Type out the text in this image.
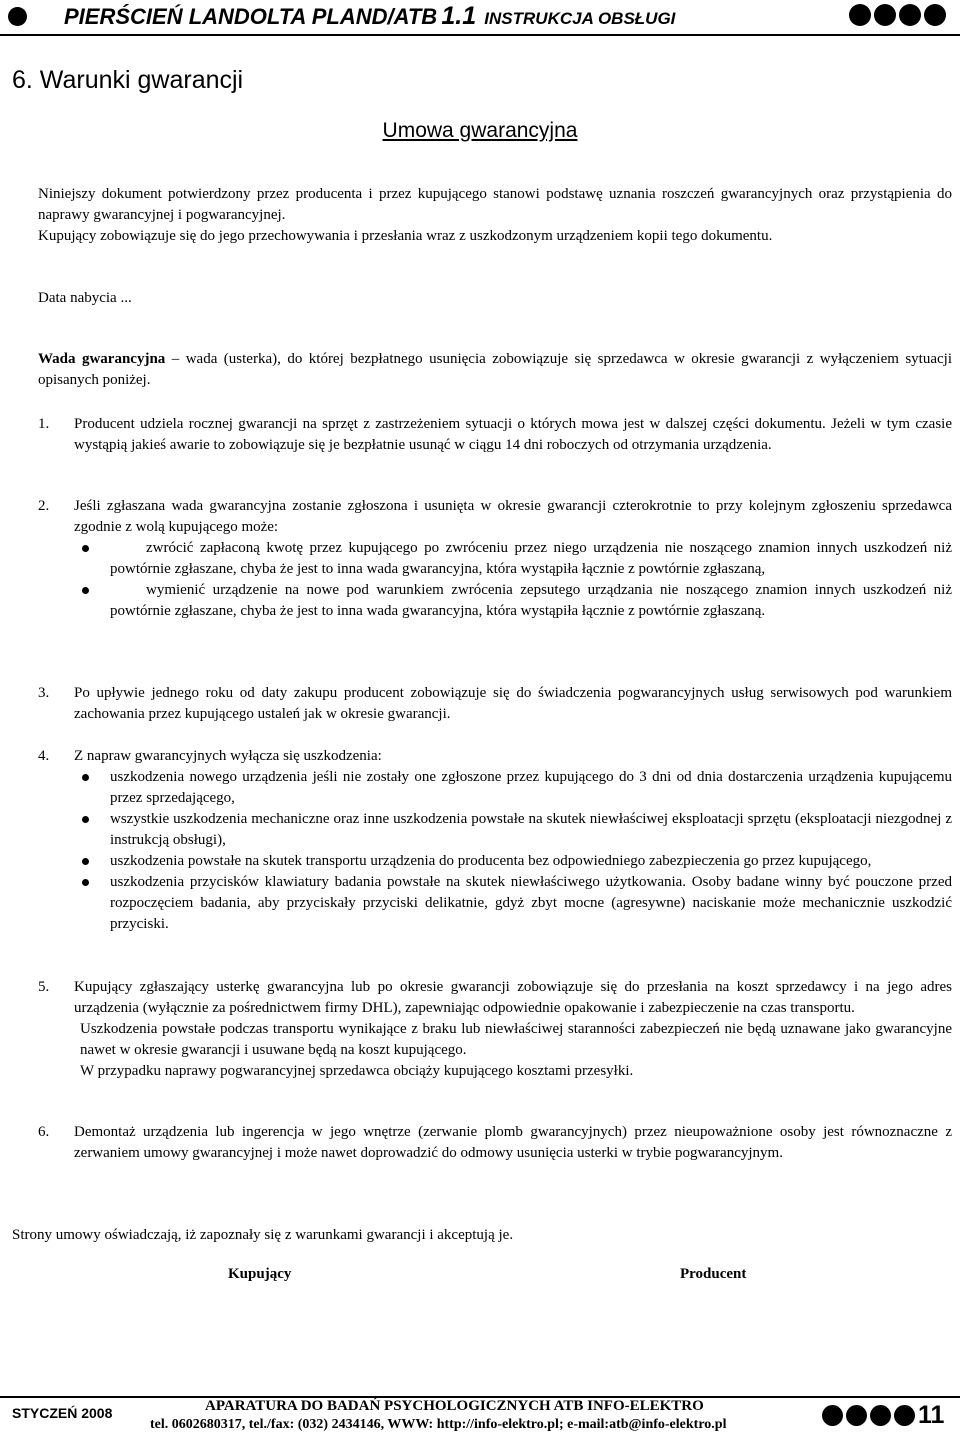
PIERŚCIEŃ LANDOLTA PLAND/ATB 1.1 INSTRUKCJA OBSŁUGI
6. Warunki gwarancji
Umowa gwarancyjna

Niniejszy dokument potwierdzony przez producenta i przez kupującego stanowi podstawę uznania roszczeń gwarancyjnych oraz przystąpienia do naprawy gwarancyjnej i pogwarancyjnej.

Kupujący zobowiązuje się do jego przechowywania i przesłania wraz z uszkodzonym urządzeniem kopii tego dokumentu.

Data nabycia ...
Wada gwarancyjna – wada (usterka), do której bezpłatnego usunięcia zobowiązuje się sprzedawca w okresie gwarancji z wyłączeniem sytuacji opisanych poniżej.
1. Producent udziela rocznej gwarancji na sprzęt z zastrzeżeniem sytuacji o których mowa jest w dalszej części dokumentu. Jeżeli w tym czasie wystąpią jakieś awarie to zobowiązuje się je bezpłatnie usunąć w ciągu 14 dni roboczych od otrzymania urządzenia.
2. Jeśli zgłaszana wada gwarancyjna zostanie zgłoszona i usunięta w okresie gwarancji czterokrotnie to przy kolejnym zgłoszeniu sprzedawca zgodnie z wolą kupującego może:
zwrócić zapłaconą kwotę przez kupującego po zwróceniu przez niego urządzenia nie noszącego znamion innych uszkodzeń niż powtórnie zgłaszane, chyba że jest to inna wada gwarancyjna, która wystąpiła łącznie z powtórnie zgłaszaną,
wymienić urządzenie na nowe pod warunkiem zwrócenia zepsutego urządzania nie noszącego znamion innych uszkodzeń niż powtórnie zgłaszane, chyba że jest to inna wada gwarancyjna, która wystąpiła łącznie z powtórnie zgłaszaną.
3. Po upływie jednego roku od daty zakupu producent zobowiązuje się do świadczenia pogwarancyjnych usług serwisowych pod warunkiem zachowania przez kupującego ustaleń jak w okresie gwarancji.
4. Z napraw gwarancyjnych wyłącza się uszkodzenia:
uszkodzenia nowego urządzenia jeśli nie zostały one zgłoszone przez kupującego do 3 dni od dnia dostarczenia urządzenia kupującemu przez sprzedającego,
wszystkie uszkodzenia mechaniczne oraz inne uszkodzenia powstałe na skutek niewłaściwej eksploatacji sprzętu (eksploatacji niezgodnej z instrukcją obsługi),
uszkodzenia powstałe na skutek transportu urządzenia do producenta bez odpowiedniego zabezpieczenia go przez kupującego,
uszkodzenia przycisków klawiatury badania powstałe na skutek niewłaściwego użytkowania. Osoby badane winny być pouczone przed rozpoczęciem badania, aby przyciskały przyciski delikatnie, gdyż zbyt mocne (agresywne) naciskanie może mechanicznie uszkodzić przyciski.
5. Kupujący zgłaszający usterkę gwarancyjna lub po okresie gwarancji zobowiązuje się do przesłania na koszt sprzedawcy i na jego adres urządzenia (wyłącznie za pośrednictwem firmy DHL), zapewniając odpowiednie opakowanie i zabezpieczenie na czas transportu.
Uszkodzenia powstałe podczas transportu wynikające z braku lub niewłaściwej staranności zabezpieczeń nie będą uznawane jako gwarancyjne nawet w okresie gwarancji i usuwane będą na koszt kupującego.
W przypadku naprawy pogwarancyjnej sprzedawca obciąży kupującego kosztami przesyłki.
6. Demontaż urządzenia lub ingerencja w jego wnętrze (zerwanie plomb gwarancyjnych) przez nieupoważnione osoby jest równoznaczne z zerwaniem umowy gwarancyjnej i może nawet doprowadzić do odmowy usunięcia usterki w trybie pogwarancyjnym.
Strony umowy oświadczają, iż zapoznały się z warunkami gwarancji i akceptują je.
Kupujący	Producent
STYCZEŃ 2008	APARATURA DO BADAŃ PSYCHOLOGICZNYCH ATB INFO-ELEKTRO
tel. 0602680317, tel./fax: (032) 2434146, WWW: http://info-elektro.pl; e-mail:atb@info-elektro.pl	11
